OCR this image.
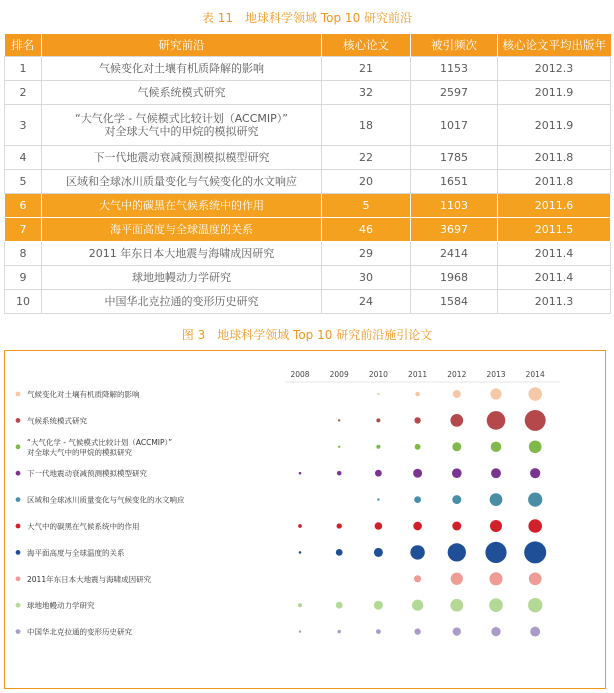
表 11　地球科学领域 Top 10 研究前沿
排名	研究前沿	核心论文	被引频次	核心论文平均出版年
1	气候变化对土壤有机质降解的影响	21	1153	2012.3
2	气候系统模式研究	32	2597	2011.9
3	“大气化学 - 气候模式比较计划（ACCMIP）”
对全球大气中的甲烷的模拟研究	18	1017	2011.9
4	下一代地震动衰减预测模拟模型研究	22	1785	2011.8
5	区域和全球冰川质量变化与气候变化的水文响应	20	1651	2011.8
6	大气中的碳黑在气候系统中的作用	5	1103	2011.6
7	海平面高度与全球温度的关系	46	3697	2011.5
8	2011 年东日本大地震与海啸成因研究	29	2414	2011.4
9	球地地幔动力学研究	30	1968	2011.4
10	中国华北克拉通的变形历史研究	24	1584	2011.3
图 3　地球科学领域 Top 10 研究前沿施引论文
2008	2009	2010	2011	2012	2013	2014
气候变化对土壤有机质降解的影响
气候系统模式研究
“大气化学 - 气候模式比较计划（ACCMIP）”
对全球大气中的甲烷的模拟研究
下一代地震动衰减预测模拟模型研究
区域和全球冰川质量变化与气候变化的水文响应
大气中的碳黑在气候系统中的作用
海平面高度与全球温度的关系
2011年东日本大地震与海啸成因研究
球地地幔动力学研究
中国华北克拉通的变形历史研究
